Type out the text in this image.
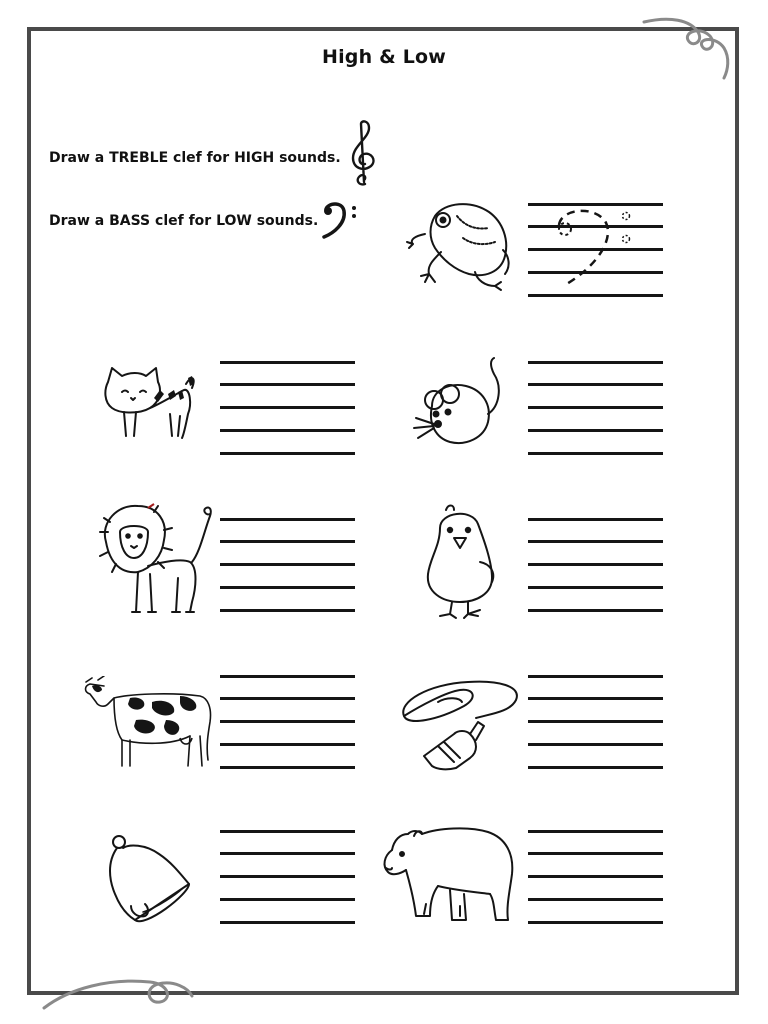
High & Low
Draw a TREBLE clef for HIGH sounds.
Draw a BASS clef for LOW sounds.
